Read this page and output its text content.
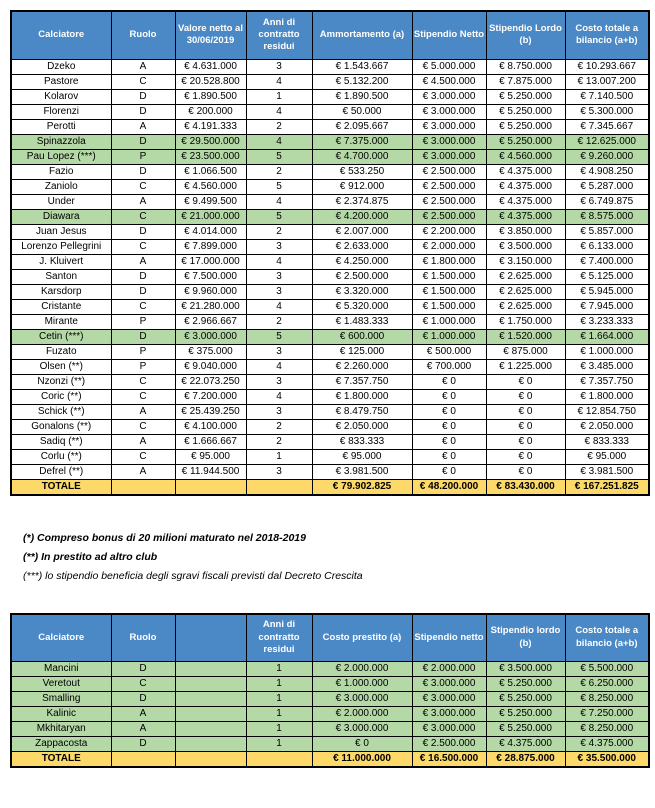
Calciatore	Ruolo	Valore netto al 30/06/2019	Anni di contratto residui	Ammortamento (a)	Stipendio Netto	Stipendio Lordo (b)	Costo totale a bilancio (a+b)
Dzeko	A	€ 4.631.000	3	€ 1.543.667	€ 5.000.000	€ 8.750.000	€ 10.293.667
Pastore	C	€ 20.528.800	4	€ 5.132.200	€ 4.500.000	€ 7.875.000	€ 13.007.200
Kolarov	D	€ 1.890.500	1	€ 1.890.500	€ 3.000.000	€ 5.250.000	€ 7.140.500
Florenzi	D	€ 200.000	4	€ 50.000	€ 3.000.000	€ 5.250.000	€ 5.300.000
Perotti	A	€ 4.191.333	2	€ 2.095.667	€ 3.000.000	€ 5.250.000	€ 7.345.667
Spinazzola	D	€ 29.500.000	4	€ 7.375.000	€ 3.000.000	€ 5.250.000	€ 12.625.000
Pau Lopez (***)	P	€ 23.500.000	5	€ 4.700.000	€ 3.000.000	€ 4.560.000	€ 9.260.000
Fazio	D	€ 1.066.500	2	€ 533.250	€ 2.500.000	€ 4.375.000	€ 4.908.250
Zaniolo	C	€ 4.560.000	5	€ 912.000	€ 2.500.000	€ 4.375.000	€ 5.287.000
Under	A	€ 9.499.500	4	€ 2.374.875	€ 2.500.000	€ 4.375.000	€ 6.749.875
Diawara	C	€ 21.000.000	5	€ 4.200.000	€ 2.500.000	€ 4.375.000	€ 8.575.000
Juan Jesus	D	€ 4.014.000	2	€ 2.007.000	€ 2.200.000	€ 3.850.000	€ 5.857.000
Lorenzo Pellegrini	C	€ 7.899.000	3	€ 2.633.000	€ 2.000.000	€ 3.500.000	€ 6.133.000
J. Kluivert	A	€ 17.000.000	4	€ 4.250.000	€ 1.800.000	€ 3.150.000	€ 7.400.000
Santon	D	€ 7.500.000	3	€ 2.500.000	€ 1.500.000	€ 2.625.000	€ 5.125.000
Karsdorp	D	€ 9.960.000	3	€ 3.320.000	€ 1.500.000	€ 2.625.000	€ 5.945.000
Cristante	C	€ 21.280.000	4	€ 5.320.000	€ 1.500.000	€ 2.625.000	€ 7.945.000
Mirante	P	€ 2.966.667	2	€ 1.483.333	€ 1.000.000	€ 1.750.000	€ 3.233.333
Cetin (***)	D	€ 3.000.000	5	€ 600.000	€ 1.000.000	€ 1.520.000	€ 1.664.000
Fuzato	P	€ 375.000	3	€ 125.000	€ 500.000	€ 875.000	€ 1.000.000
Olsen (**)	P	€ 9.040.000	4	€ 2.260.000	€ 700.000	€ 1.225.000	€ 3.485.000
Nzonzi (**)	C	€ 22.073.250	3	€ 7.357.750	€ 0	€ 0	€ 7.357.750
Coric (**)	C	€ 7.200.000	4	€ 1.800.000	€ 0	€ 0	€ 1.800.000
Schick (**)	A	€ 25.439.250	3	€ 8.479.750	€ 0	€ 0	€ 12.854.750
Gonalons (**)	C	€ 4.100.000	2	€ 2.050.000	€ 0	€ 0	€ 2.050.000
Sadiq (**)	A	€ 1.666.667	2	€ 833.333	€ 0	€ 0	€ 833.333
Corlu (**)	C	€ 95.000	1	€ 95.000	€ 0	€ 0	€ 95.000
Defrel (**)	A	€ 11.944.500	3	€ 3.981.500	€ 0	€ 0	€ 3.981.500
TOTALE				€ 79.902.825	€ 48.200.000	€ 83.430.000	€ 167.251.825

(*) Compreso bonus di 20 milioni maturato nel 2018-2019

(**) In prestito ad altro club

(***) lo stipendio beneficia degli sgravi fiscali previsti dal Decreto Crescita

Calciatore	Ruolo		Anni di contratto residui	Costo prestito (a)	Stipendio netto	Stipendio lordo (b)	Costo totale a bilancio (a+b)
Mancini	D		1	€ 2.000.000	€ 2.000.000	€ 3.500.000	€ 5.500.000
Veretout	C		1	€ 1.000.000	€ 3.000.000	€ 5.250.000	€ 6.250.000
Smalling	D		1	€ 3.000.000	€ 3.000.000	€ 5.250.000	€ 8.250.000
Kalinic	A		1	€ 2.000.000	€ 3.000.000	€ 5.250.000	€ 7.250.000
Mkhitaryan	A		1	€ 3.000.000	€ 3.000.000	€ 5.250.000	€ 8.250.000
Zappacosta	D		1	€ 0	€ 2.500.000	€ 4.375.000	€ 4.375.000
TOTALE				€ 11.000.000	€ 16.500.000	€ 28.875.000	€ 35.500.000
